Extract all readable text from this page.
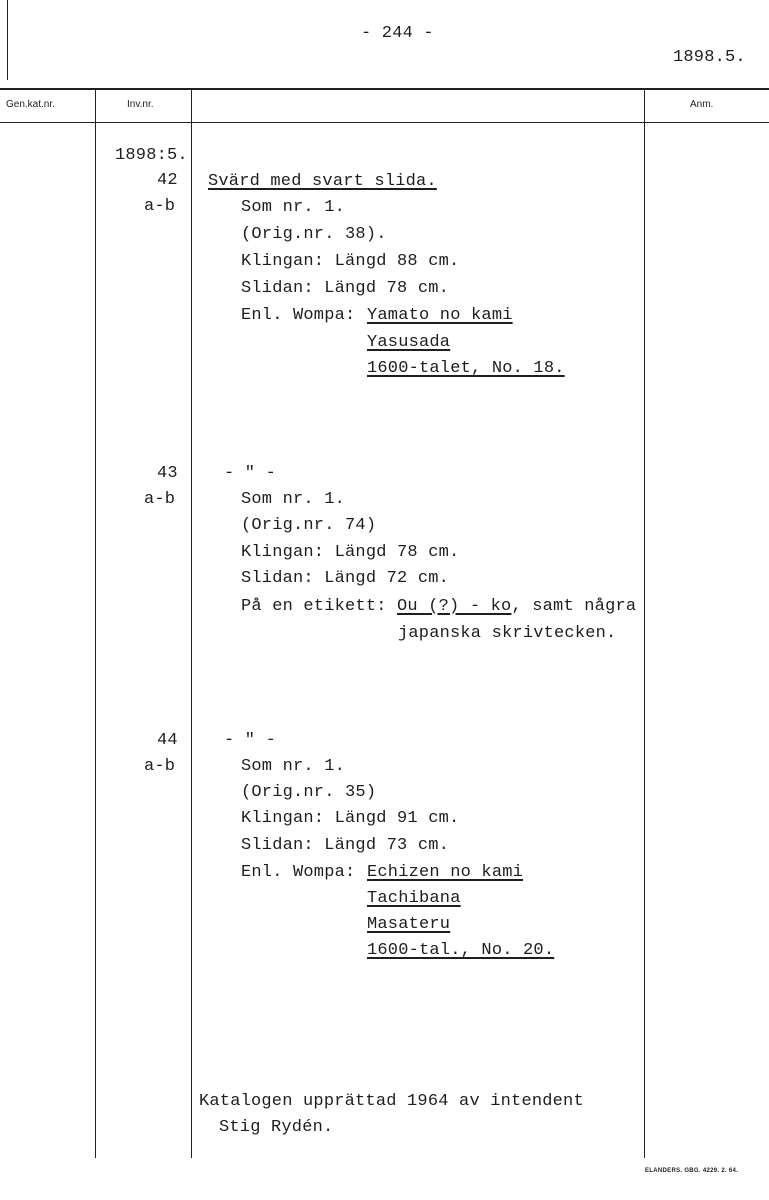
- 244 -
1898.5.
Gen.kat.nr.	Inv.nr.	Anm.
1898:5.
42
a-b
Svärd med svart slida.
Som nr. 1.
(Orig.nr. 38).
Klingan: Längd 88 cm.
Slidan: Längd 78 cm.
Enl. Wompa: Yamato no kami
Yasusada
1600-talet, No. 18.
43
a-b
- " -
Som nr. 1.
(Orig.nr. 74)
Klingan: Längd 78 cm.
Slidan: Längd 72 cm.
På en etikett: Ou (?) - ko, samt några
japanska skrivtecken.
44
a-b
- " -
Som nr. 1.
(Orig.nr. 35)
Klingan: Längd 91 cm.
Slidan: Längd 73 cm.
Enl. Wompa: Echizen no kami
Tachibana
Masateru
1600-tal., No. 20.
Katalogen upprättad 1964 av intendent
Stig Rydén.
ELANDERS. GBG. 4229. 2. 64.
